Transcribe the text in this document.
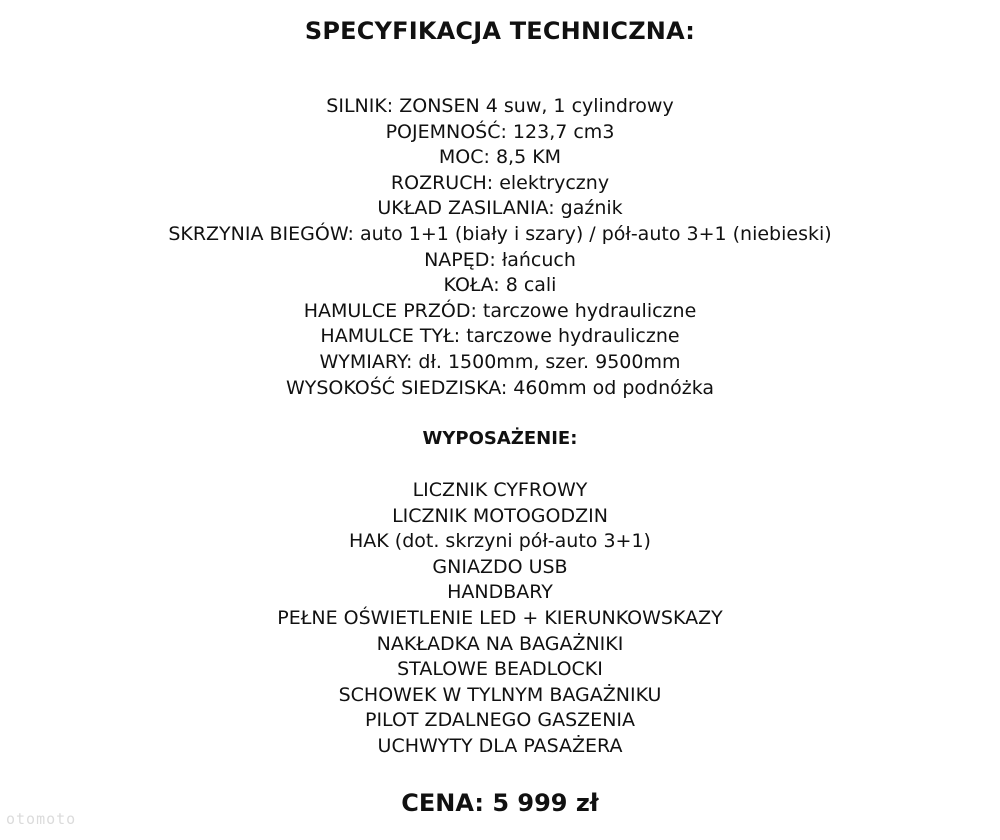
SPECYFIKACJA TECHNICZNA:
SILNIK: ZONSEN 4 suw, 1 cylindrowy
POJEMNOŚĆ: 123,7 cm3
MOC: 8,5 KM
ROZRUCH: elektryczny
UKŁAD ZASILANIA: gaźnik
SKRZYNIA BIEGÓW: auto 1+1 (biały i szary) / pół-auto 3+1 (niebieski)
NAPĘD: łańcuch
KOŁA: 8 cali
HAMULCE PRZÓD: tarczowe hydrauliczne
HAMULCE TYŁ: tarczowe hydrauliczne
WYMIARY: dł. 1500mm, szer. 9500mm
WYSOKOŚĆ SIEDZISKA: 460mm od podnóżka
WYPOSAŻENIE:
LICZNIK CYFROWY
LICZNIK MOTOGODZIN
HAK (dot. skrzyni pół-auto 3+1)
GNIAZDO USB
HANDBARY
PEŁNE OŚWIETLENIE LED + KIERUNKOWSKAZY
NAKŁADKA NA BAGAŻNIKI
STALOWE BEADLOCKI
SCHOWEK W TYLNYM BAGAŻNIKU
PILOT ZDALNEGO GASZENIA
UCHWYTY DLA PASAŻERA
CENA: 5 999 zł
otomoto
